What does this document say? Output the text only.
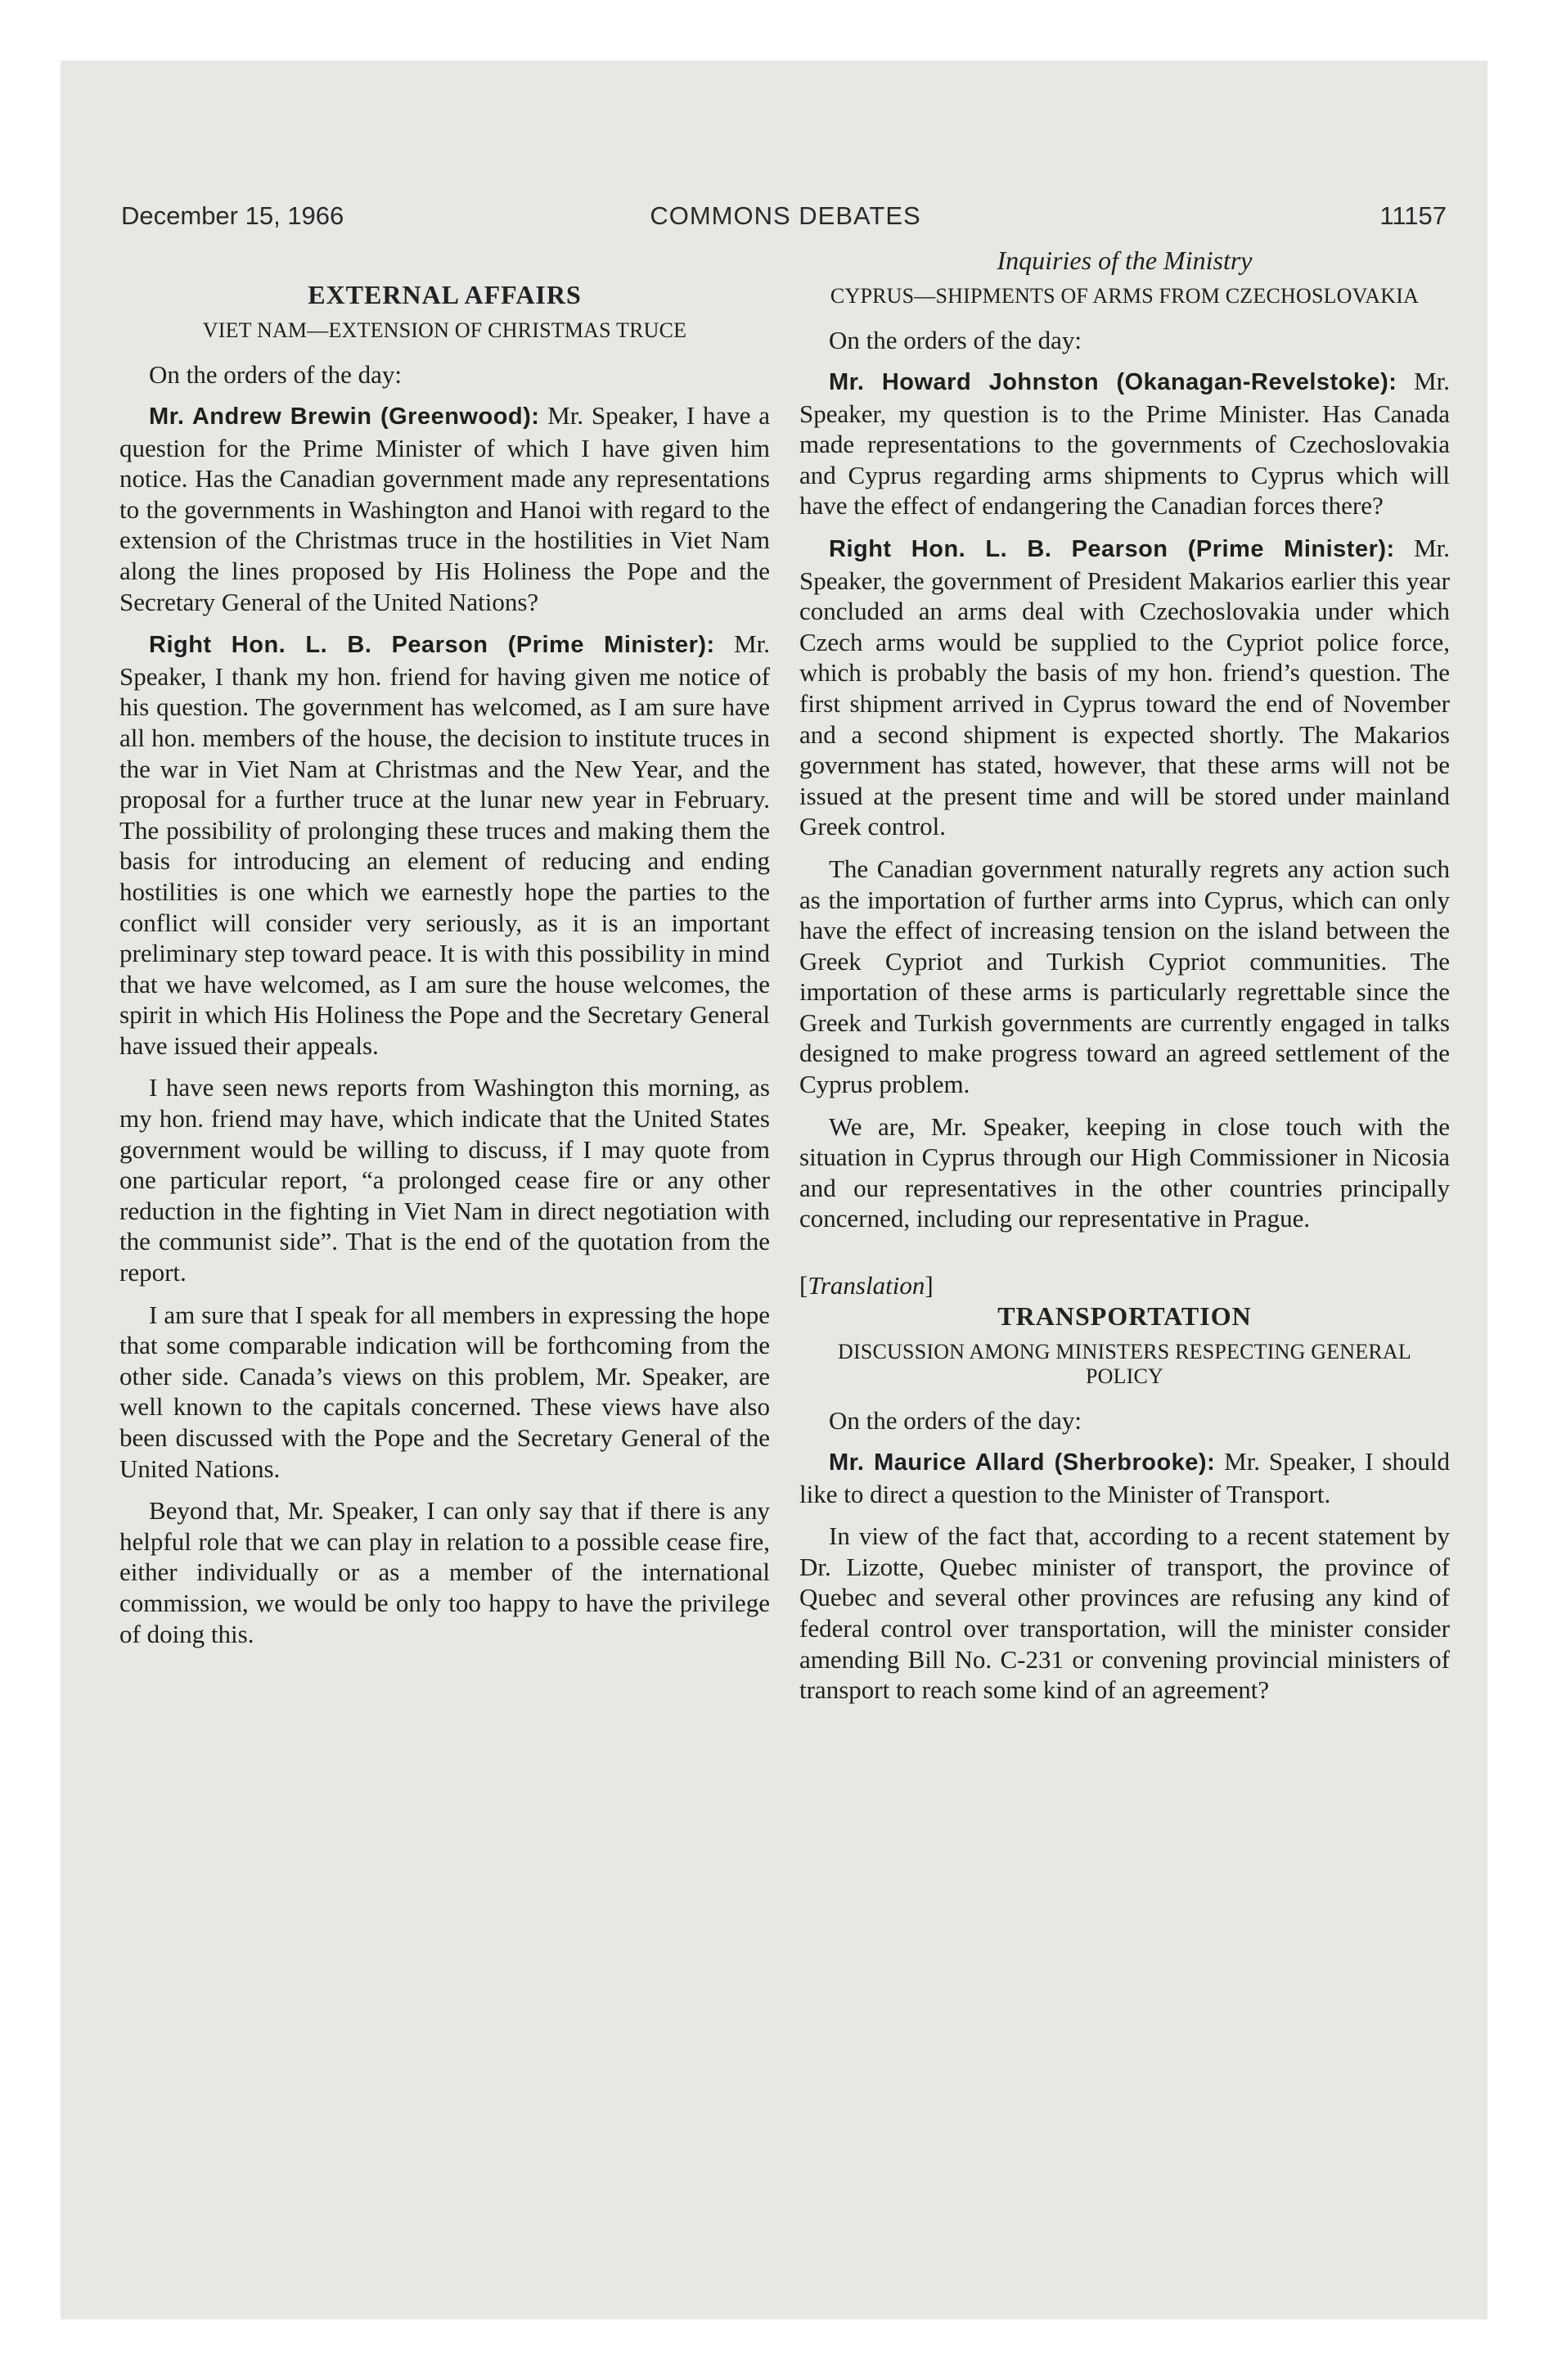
December 15, 1966	COMMONS DEBATES	11157
EXTERNAL AFFAIRS
VIET NAM—EXTENSION OF CHRISTMAS TRUCE
On the orders of the day:

Mr. Andrew Brewin (Greenwood): Mr. Speaker, I have a question for the Prime Minister of which I have given him notice. Has the Canadian government made any representations to the governments in Washington and Hanoi with regard to the extension of the Christmas truce in the hostilities in Viet Nam along the lines proposed by His Holiness the Pope and the Secretary General of the United Nations?

Right Hon. L. B. Pearson (Prime Minister): Mr. Speaker, I thank my hon. friend for having given me notice of his question. The government has welcomed, as I am sure have all hon. members of the house, the decision to institute truces in the war in Viet Nam at Christmas and the New Year, and the proposal for a further truce at the lunar new year in February. The possibility of prolonging these truces and making them the basis for introducing an element of reducing and ending hostilities is one which we earnestly hope the parties to the conflict will consider very seriously, as it is an important preliminary step toward peace. It is with this possibility in mind that we have welcomed, as I am sure the house welcomes, the spirit in which His Holiness the Pope and the Secretary General have issued their appeals.

I have seen news reports from Washington this morning, as my hon. friend may have, which indicate that the United States government would be willing to discuss, if I may quote from one particular report, “a prolonged cease fire or any other reduction in the fighting in Viet Nam in direct negotiation with the communist side”. That is the end of the quotation from the report.

I am sure that I speak for all members in expressing the hope that some comparable indication will be forthcoming from the other side. Canada’s views on this problem, Mr. Speaker, are well known to the capitals concerned. These views have also been discussed with the Pope and the Secretary General of the United Nations.

Beyond that, Mr. Speaker, I can only say that if there is any helpful role that we can play in relation to a possible cease fire, either individually or as a member of the international commission, we would be only too happy to have the privilege of doing this.

Inquiries of the Ministry
CYPRUS—SHIPMENTS OF ARMS FROM CZECHOSLOVAKIA
On the orders of the day:

Mr. Howard Johnston (Okanagan-Revelstoke): Mr. Speaker, my question is to the Prime Minister. Has Canada made representations to the governments of Czechoslovakia and Cyprus regarding arms shipments to Cyprus which will have the effect of endangering the Canadian forces there?

Right Hon. L. B. Pearson (Prime Minister): Mr. Speaker, the government of President Makarios earlier this year concluded an arms deal with Czechoslovakia under which Czech arms would be supplied to the Cypriot police force, which is probably the basis of my hon. friend’s question. The first shipment arrived in Cyprus toward the end of November and a second shipment is expected shortly. The Makarios government has stated, however, that these arms will not be issued at the present time and will be stored under mainland Greek control.

The Canadian government naturally regrets any action such as the importation of further arms into Cyprus, which can only have the effect of increasing tension on the island between the Greek Cypriot and Turkish Cypriot communities. The importation of these arms is particularly regrettable since the Greek and Turkish governments are currently engaged in talks designed to make progress toward an agreed settlement of the Cyprus problem.

We are, Mr. Speaker, keeping in close touch with the situation in Cyprus through our High Commissioner in Nicosia and our representatives in the other countries principally concerned, including our representative in Prague.

[Translation]
TRANSPORTATION
DISCUSSION AMONG MINISTERS RESPECTING GENERAL POLICY
On the orders of the day:

Mr. Maurice Allard (Sherbrooke): Mr. Speaker, I should like to direct a question to the Minister of Transport.

In view of the fact that, according to a recent statement by Dr. Lizotte, Quebec minister of transport, the province of Quebec and several other provinces are refusing any kind of federal control over transportation, will the minister consider amending Bill No. C-231 or convening provincial ministers of transport to reach some kind of an agreement?
